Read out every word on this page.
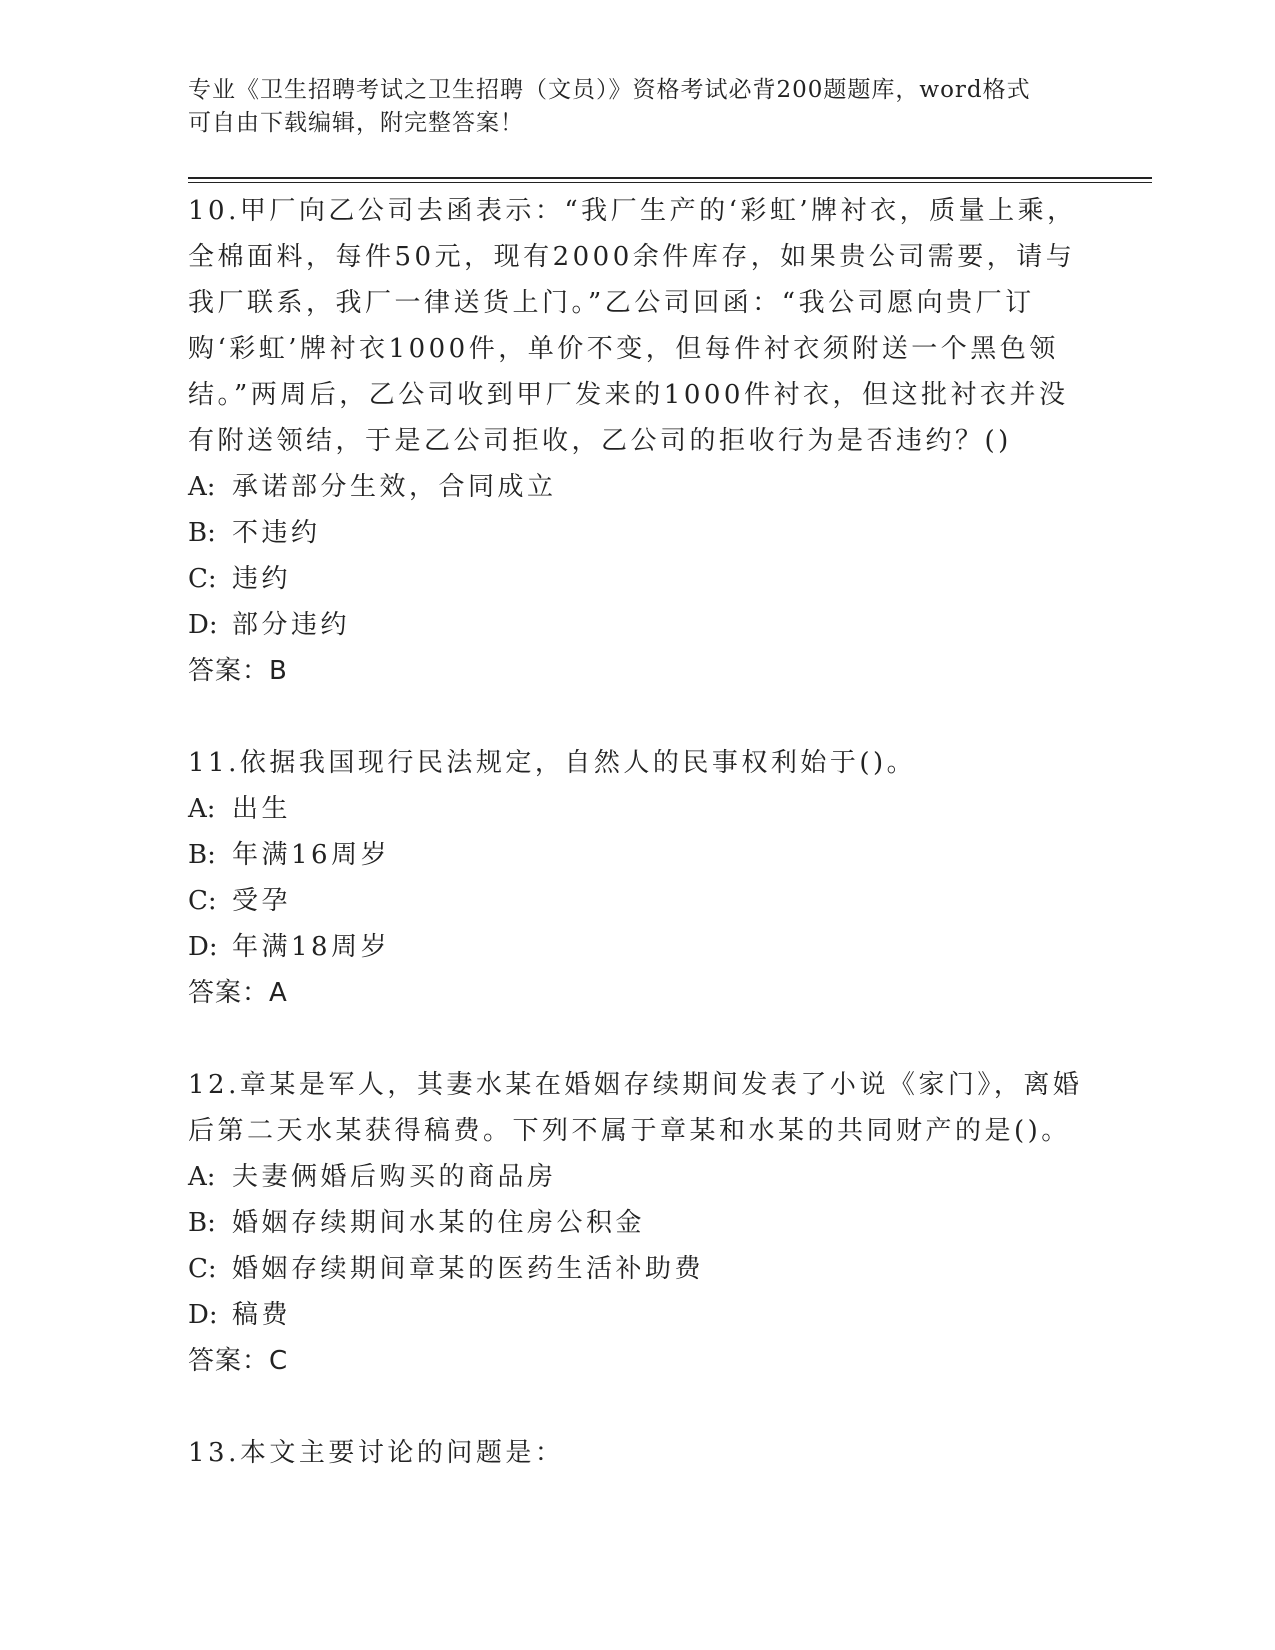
专业《卫生招聘考试之卫生招聘（文员）》资格考试必背200题题库，word格式
可自由下载编辑，附完整答案！

10.甲厂向乙公司去函表示：“我厂生产的‘彩虹’牌衬衣，质量上乘，全棉面料，每件50元，现有2000余件库存，如果贵公司需要，请与我厂联系，我厂一律送货上门。”乙公司回函：“我公司愿向贵厂订购‘彩虹’牌衬衣1000件，单价不变，但每件衬衣须附送一个黑色领结。”两周后，乙公司收到甲厂发来的1000件衬衣，但这批衬衣并没有附送领结，于是乙公司拒收，乙公司的拒收行为是否违约？()

A: 承诺部分生效，合同成立

B: 不违约

C: 违约

D: 部分违约

答案：B

11.依据我国现行民法规定，自然人的民事权利始于()。

A: 出生

B: 年满16周岁

C: 受孕

D: 年满18周岁

答案：A

12.章某是军人，其妻水某在婚姻存续期间发表了小说《家门》，离婚后第二天水某获得稿费。下列不属于章某和水某的共同财产的是()。

A: 夫妻俩婚后购买的商品房

B: 婚姻存续期间水某的住房公积金

C: 婚姻存续期间章某的医药生活补助费

D: 稿费

答案：C

13.本文主要讨论的问题是：
